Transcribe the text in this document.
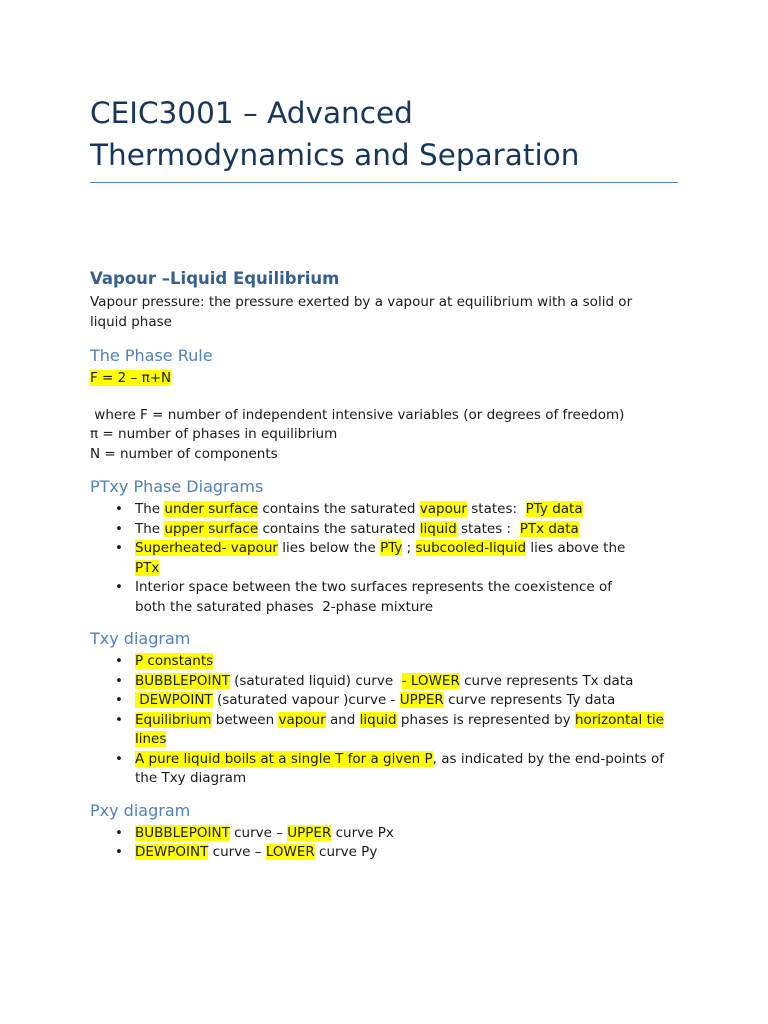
CEIC3001 – Advanced
Thermodynamics and Separation
Vapour –Liquid Equilibrium

Vapour pressure: the pressure exerted by a vapour at equilibrium with a solid or
liquid phase

The Phase Rule

F = 2 – π+N

where F = number of independent intensive variables (or degrees of freedom)
π = number of phases in equilibrium
N = number of components

PTxy Phase Diagrams
• The under surface contains the saturated vapour states:  PTy data
• The upper surface contains the saturated liquid states :  PTx data
• Superheated- vapour lies below the PTy ; subcooled-liquid lies above the
PTx
• Interior space between the two surfaces represents the coexistence of
both the saturated phases  2-phase mixture
Txy diagram
• P constants
• BUBBLEPOINT (saturated liquid) curve  - LOWER curve represents Tx data
• DEWPOINT (saturated vapour )curve - UPPER curve represents Ty data
• Equilibrium between vapour and liquid phases is represented by horizontal tie
lines
• A pure liquid boils at a single T for a given P, as indicated by the end-points of
the Txy diagram
Pxy diagram
• BUBBLEPOINT curve – UPPER curve Px
• DEWPOINT curve – LOWER curve Py
